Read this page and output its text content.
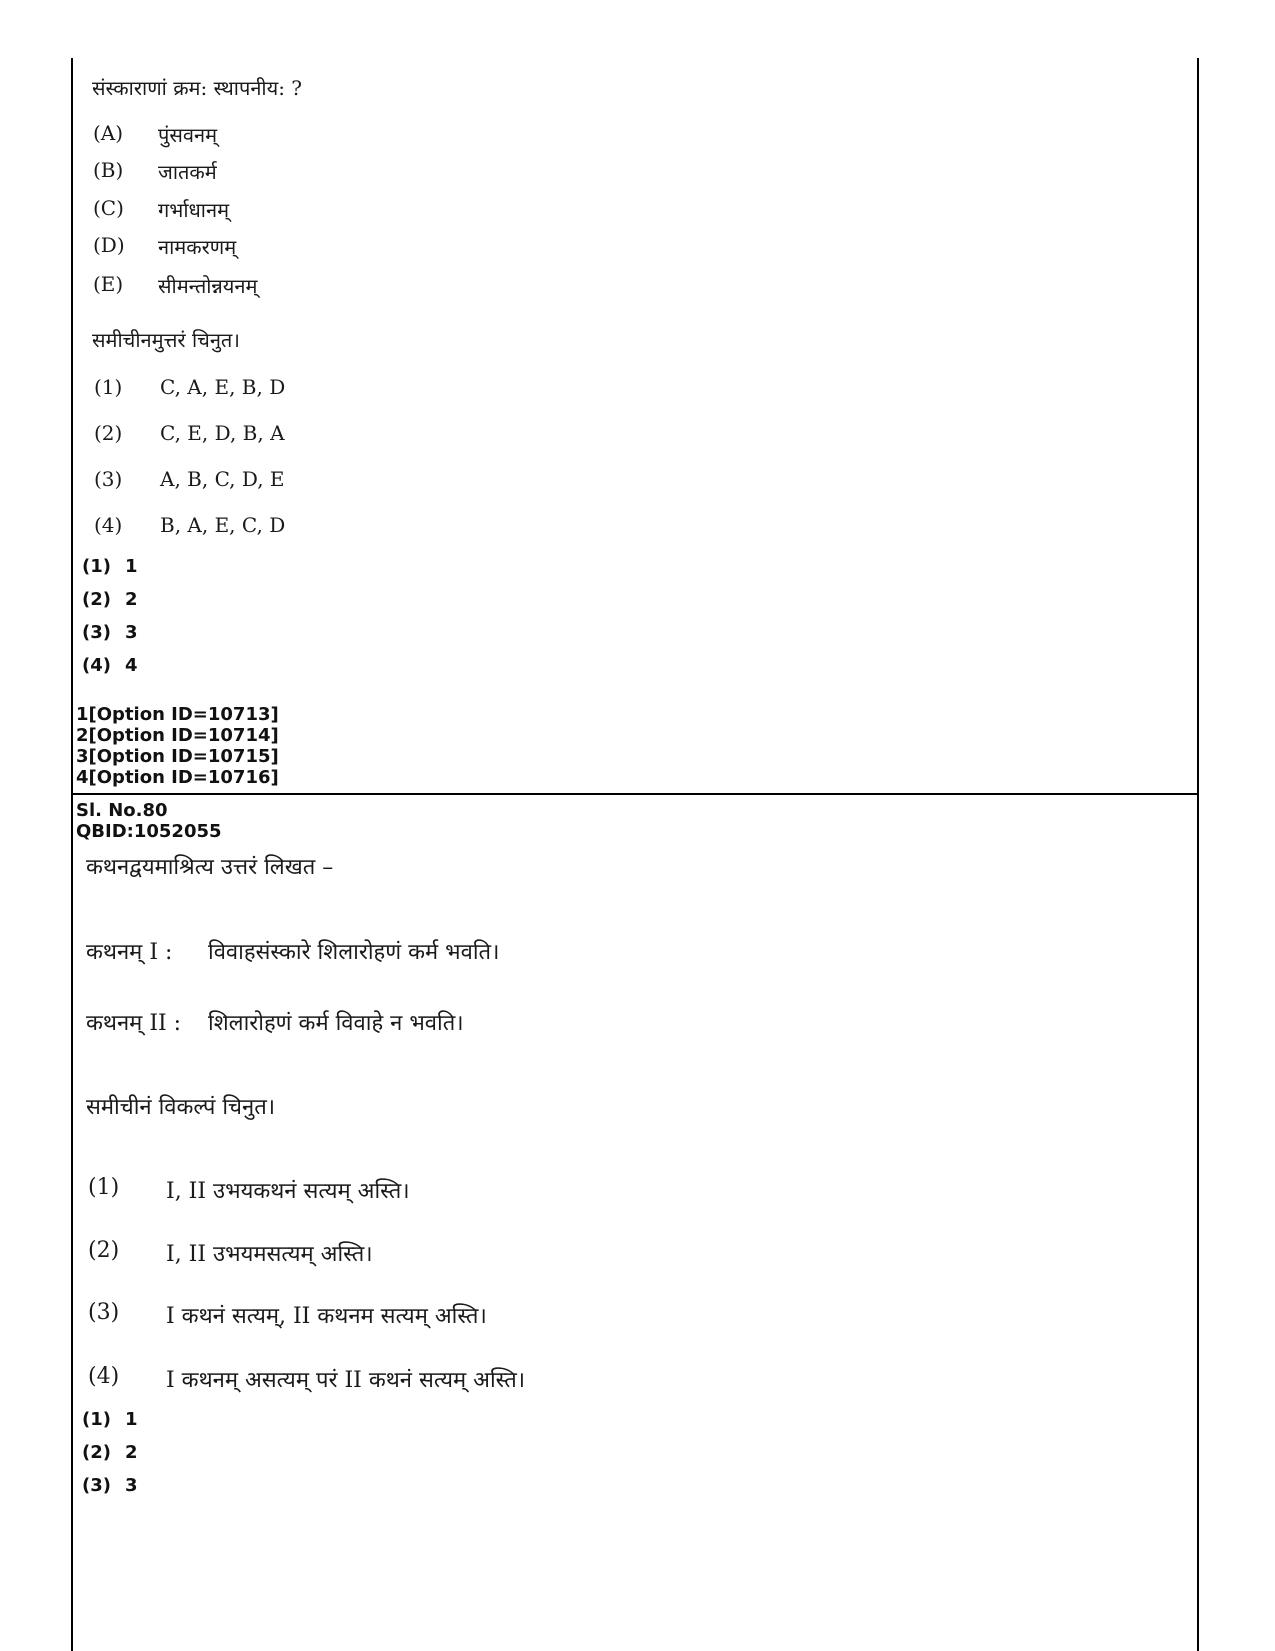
संस्काराणां क्रम: स्थापनीय: ?
(A) पुंसवनम्
(B) जातकर्म
(C) गर्भाधानम्
(D) नामकरणम्
(E) सीमन्तोन्नयनम्
समीचीनमुत्तरं चिनुत।
(1) C, A, E, B, D
(2) C, E, D, B, A
(3) A, B, C, D, E
(4) B, A, E, C, D
(1) 1
(2) 2
(3) 3
(4) 4
1[Option ID=10713]
2[Option ID=10714]
3[Option ID=10715]
4[Option ID=10716]
Sl. No.80
QBID:1052055
कथनद्वयमाश्रित्य उत्तरं लिखत –
कथनम् I : विवाहसंस्कारे शिलारोहणं कर्म भवति।
कथनम् II : शिलारोहणं कर्म विवाहे न भवति।
समीचीनं विकल्पं चिनुत।
(1) I, II उभयकथनं सत्यम् अस्ति।
(2) I, II उभयमसत्यम् अस्ति।
(3) I कथनं सत्यम्, II कथनम सत्यम् अस्ति।
(4) I कथनम् असत्यम् परं II कथनं सत्यम् अस्ति।
(1) 1
(2) 2
(3) 3
